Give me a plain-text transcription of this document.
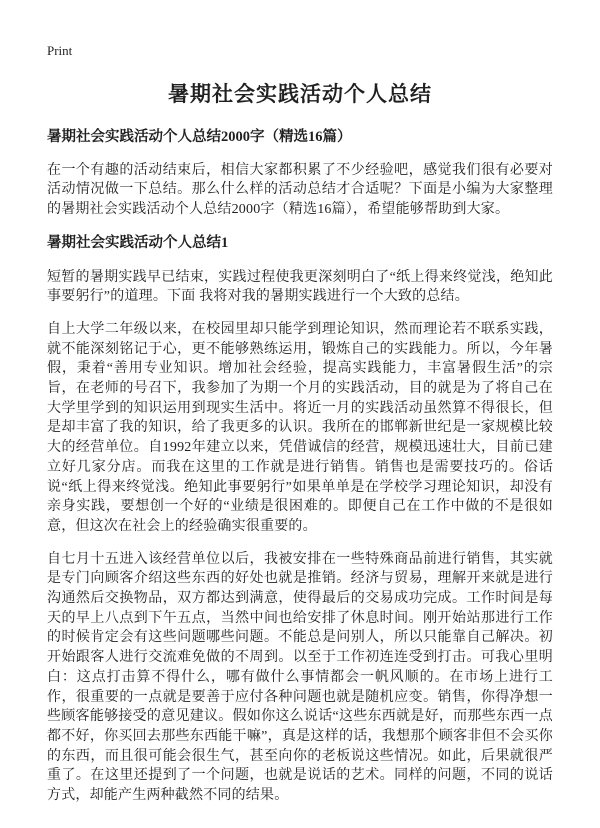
Print
暑期社会实践活动个人总结

暑期社会实践活动个人总结2000字（精选16篇）

在一个有趣的活动结束后，相信大家都积累了不少经验吧，感觉我们很有必要对活动情况做一下总结。那么什么样的活动总结才合适呢？下面是小编为大家整理的暑期社会实践活动个人总结2000字（精选16篇），希望能够帮助到大家。

暑期社会实践活动个人总结1

短暂的暑期实践早已结束，实践过程使我更深刻明白了“纸上得来终觉浅，绝知此事要躬行”的道理。下面 我将对我的暑期实践进行一个大致的总结。

自上大学二年级以来，在校园里却只能学到理论知识，然而理论若不联系实践，就不能深刻铭记于心，更不能够熟练运用，锻炼自己的实践能力。所以，今年暑假，秉着“善用专业知识。增加社会经验，提高实践能力，丰富暑假生活”的宗旨，在老师的号召下，我参加了为期一个月的实践活动，目的就是为了将自己在大学里学到的知识运用到现实生活中。将近一月的实践活动虽然算不得很长，但是却丰富了我的知识，给了我更多的认识。我所在的邯郸新世纪是一家规模比较大的经营单位。自1992年建立以来，凭借诚信的经营，规模迅速壮大，目前已建立好几家分店。而我在这里的工作就是进行销售。销售也是需要技巧的。俗话说“纸上得来终觉浅。绝知此事要躬行”如果单单是在学校学习理论知识，却没有亲身实践，要想创一个好的“业绩是很困难的。即便自己在工作中做的不是很如意，但这次在社会上的经验确实很重要的。

自七月十五进入该经营单位以后，我被安排在一些特殊商品前进行销售，其实就是专门向顾客介绍这些东西的好处也就是推销。经济与贸易，理解开来就是进行沟通然后交换物品，双方都达到满意，使得最后的交易成功完成。工作时间是每天的早上八点到下午五点，当然中间也给安排了休息时间。刚开始站那进行工作的时候肯定会有这些问题哪些问题。不能总是问别人，所以只能靠自己解决。初开始跟客人进行交流难免做的不周到。以至于工作初连连受到打击。可我心里明白：这点打击算不得什么，哪有做什么事情都会一帆风顺的。在市场上进行工作，很重要的一点就是要善于应付各种问题也就是随机应变。销售，你得净想一些顾客能够接受的意见建议。假如你这么说话“这些东西就是好，而那些东西一点都不好，你买回去那些东西能干嘛”，真是这样的话，我想那个顾客非但不会买你的东西，而且很可能会很生气，甚至向你的老板说这些情况。如此，后果就很严重了。在这里还提到了一个问题，也就是说话的艺术。同样的问题，不同的说话方式，却能产生两种截然不同的结果。
